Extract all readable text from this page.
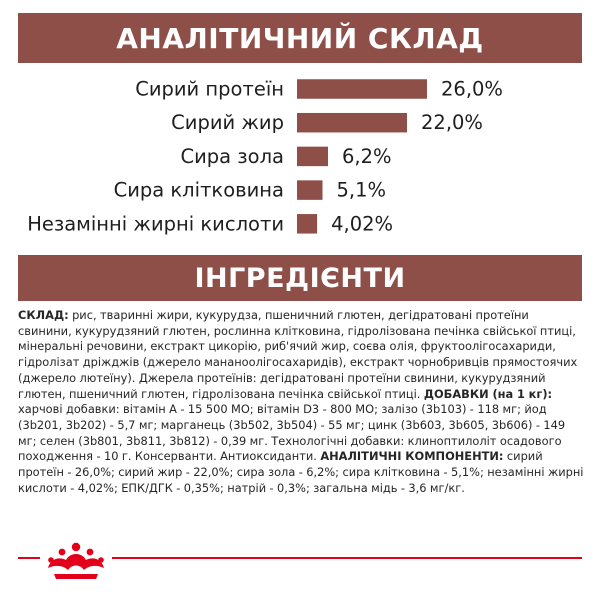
АНАЛІТИЧНИЙ СКЛАД
Сирий протеїн	26,0%
Сирий жир	22,0%
Сира зола	6,2%
Сира клітковина	5,1%
Незамінні жирні кислоти 4,02%
ІНГРЕДІЄНТИ
СКЛАД: рис, тваринні жири, кукурудза, пшеничний глютен, дегідратовані протеїни свинини, кукурудзяний глютен, рослинна клітковина, гідролізована печінка свійської птиці, мінеральні речовини, екстракт цикорію, риб'ячий жир, соєва олія, фруктоолігосахариди, гідролізат дріжджів (джерело мананоолігосахаридів), екстракт чорнобривців прямостоячих (джерело лютеїну). Джерела протеїнів: дегідратовані протеїни свинини, кукурудзяний глютен, пшеничний глютен, гідролізована печінка свійської птиці. ДОБАВКИ (на 1 кг): харчові добавки: вітамін А - 15 500 МО; вітамін D3 - 800 МО; залізо (3b103) - 118 мг; йод (3b201, 3b202) - 5,7 мг; марганець (3b502, 3b504) - 55 мг; цинк (3b603, 3b605, 3b606) - 149 мг; селен (3b801, 3b811, 3b812) - 0,39 мг. Технологічні добавки: клиноптилоліт осадового походження - 10 г. Консерванти. Антиоксиданти. АНАЛІТИЧНІ КОМПОНЕНТИ: сирий протеїн - 26,0%; сирий жир - 22,0%; сира зола - 6,2%; сира клітковина - 5,1%; незамінні жирні кислоти - 4,02%; ЕПК/ДГК - 0,35%; натрій - 0,3%; загальна мідь - 3,6 мг/кг.
